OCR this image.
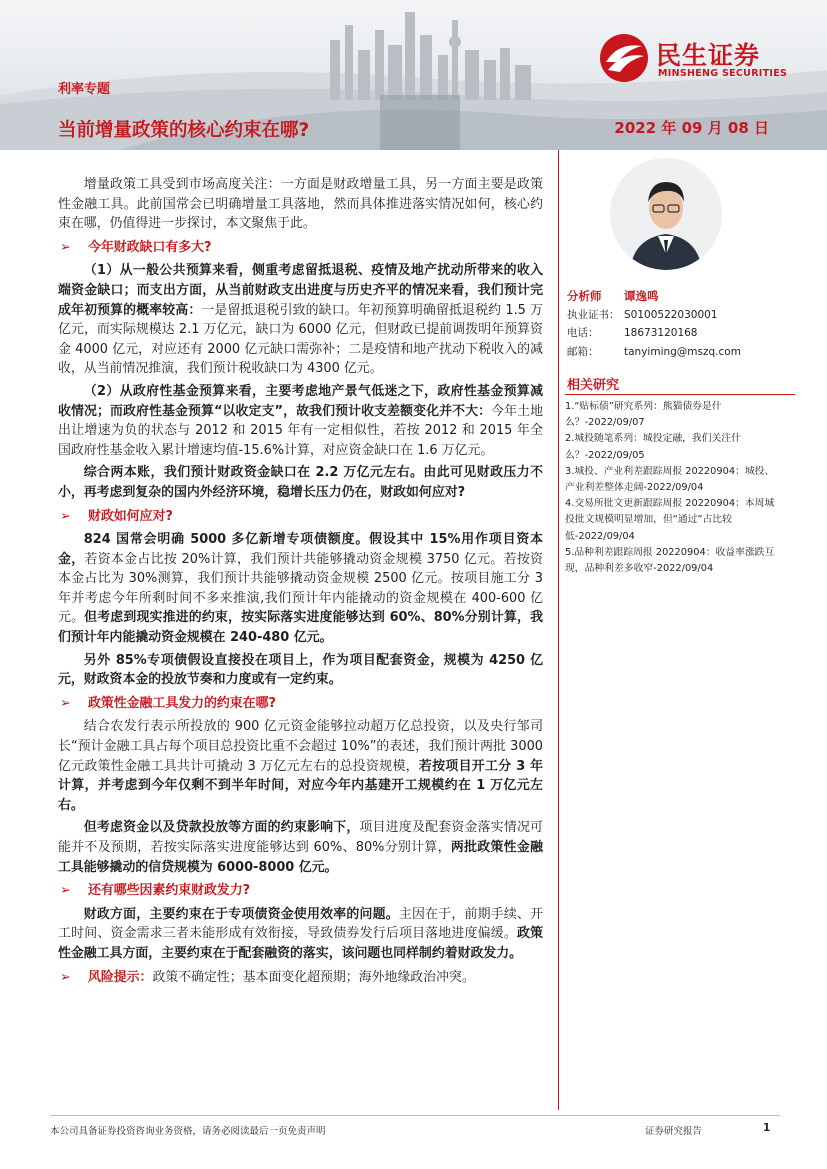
民生证券
MINSHENG SECURITIES
利率专题
当前增量政策的核心约束在哪?	2022 年 09 月 08 日

增量政策工具受到市场高度关注：一方面是财政增量工具，另一方面主要是政策性金融工具。此前国常会已明确增量工具落地，然而具体推进落实情况如何，核心约束在哪，仍值得进一步探讨，本文聚焦于此。

➢	今年财政缺口有多大?

（1）从一般公共预算来看，侧重考虑留抵退税、疫情及地产扰动所带来的收入端资金缺口；而支出方面，从当前财政支出进度与历史齐平的情况来看，我们预计完成年初预算的概率较高：一是留抵退税引致的缺口。年初预算明确留抵退税约 1.5 万亿元，而实际规模达 2.1 万亿元，缺口为 6000 亿元，但财政已提前调拨明年预算资金 4000 亿元，对应还有 2000 亿元缺口需弥补；二是疫情和地产扰动下税收入的减收，从当前情况推演，我们预计税收缺口为 4300 亿元。

（2）从政府性基金预算来看，主要考虑地产景气低迷之下，政府性基金预算减收情况；而政府性基金预算“以收定支”，故我们预计收支差额变化并不大：今年土地出让增速为负的状态与 2012 和 2015 年有一定相似性，若按 2012 和 2015 年全国政府性基金收入累计增速均值-15.6%计算，对应资金缺口在 1.6 万亿元。

综合两本账，我们预计财政资金缺口在 2.2 万亿元左右。由此可见财政压力不小，再考虑到复杂的国内外经济环境，稳增长压力仍在，财政如何应对?

➢	财政如何应对?

824 国常会明确 5000 多亿新增专项债额度。假设其中 15%用作项目资本金，若资本金占比按 20%计算，我们预计共能够撬动资金规模 3750 亿元。若按资本金占比为 30%测算，我们预计共能够撬动资金规模 2500 亿元。按项目施工分 3 年并考虑今年所剩时间不多来推演,我们预计年内能撬动的资金规模在 400-600 亿元。但考虑到现实推进的约束，按实际落实进度能够达到 60%、80%分别计算，我们预计年内能撬动资金规模在 240-480 亿元。

另外 85%专项债假设直接投在项目上，作为项目配套资金，规模为 4250 亿元，财政资本金的投放节奏和力度或有一定约束。

➢	政策性金融工具发力的约束在哪?

结合农发行表示所投放的 900 亿元资金能够拉动超万亿总投资，以及央行邹司长“预计金融工具占每个项目总投资比重不会超过 10%”的表述，我们预计两批 3000 亿元政策性金融工具共计可撬动 3 万亿元左右的总投资规模，若按项目开工分 3 年计算，并考虑到今年仅剩不到半年时间，对应今年内基建开工规模约在 1 万亿元左右。

但考虑资金以及贷款投放等方面的约束影响下，项目进度及配套资金落实情况可能并不及预期，若按实际落实进度能够达到 60%、80%分别计算，两批政策性金融工具能够撬动的信贷规模为 6000-8000 亿元。

➢	还有哪些因素约束财政发力?

财政方面，主要约束在于专项债资金使用效率的问题。主因在于，前期手续、开工时间、资金需求三者未能形成有效衔接，导致债券发行后项目落地进度偏缓。政策性金融工具方面，主要约束在于配套融资的落实，该问题也同样制约着财政发力。

➢	风险提示：政策不确定性；基本面变化超预期；海外地缘政治冲突。
分析师	谭逸鸣
执业证书： S0100522030001
电话：	18673120168
邮箱：	tanyiming@mszq.com
相关研究
1.“贴标债”研究系列：熊猫债券是什么？-2022/09/07
2.城投随笔系列：城投定融，我们关注什么？-2022/09/05
3.城投、产业利差跟踪周报 20220904：城投、产业利差整体走阔-2022/09/04
4.交易所批文更新跟踪周报 20220904：本周城投批文规模明显增加，但“通过”占比较低-2022/09/04
5.品种利差跟踪周报 20220904：收益率涨跌互现，品种利差多收窄-2022/09/04
本公司具备证券投资咨询业务资格，请务必阅读最后一页免责声明	证券研究报告	1
